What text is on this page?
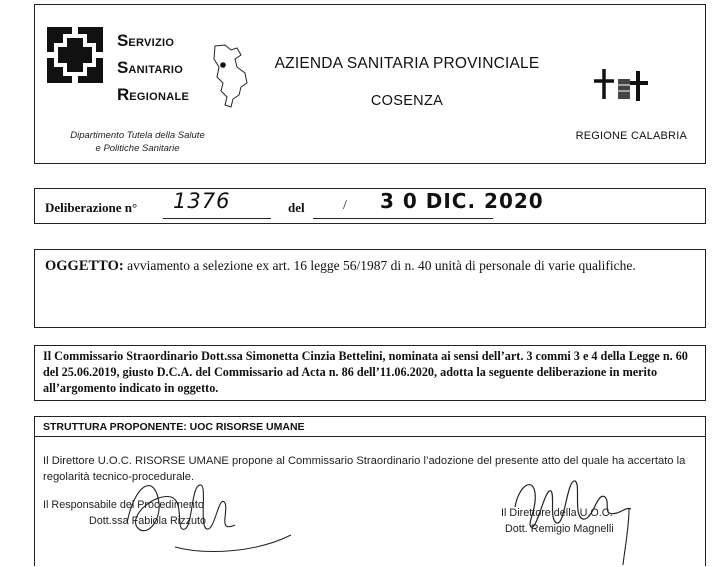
SERVIZIO
SANITARIO
REGIONALE
Dipartimento Tutela della Salute
e Politiche Sanitarie
AZIENDA SANITARIA PROVINCIALE
COSENZA
REGIONE CALABRIA
Deliberazione n° 1376	del	/ 3 0 DIC. 2020
OGGETTO: avviamento a selezione ex art. 16 legge 56/1987 di n. 40 unità di personale di varie qualifiche.
Il Commissario Straordinario Dott.ssa Simonetta Cinzia Bettelini, nominata ai sensi dell’art. 3 commi 3 e 4 della Legge n. 60 del 25.06.2019, giusto D.C.A. del Commissario ad Acta n. 86 dell’11.06.2020, adotta la seguente deliberazione in merito all’argomento indicato in oggetto.
STRUTTURA PROPONENTE: UOC RISORSE UMANE
Il Direttore U.O.C. RISORSE UMANE propone al Commissario Straordinario l’adozione del presente atto del quale ha accertato la regolarità tecnico-procedurale.
Il Responsabile del Procedimento
Dott.ssa Fabiola Rizzuto
Il Direttore della U.O.C.
Dott. Remigio Magnelli
